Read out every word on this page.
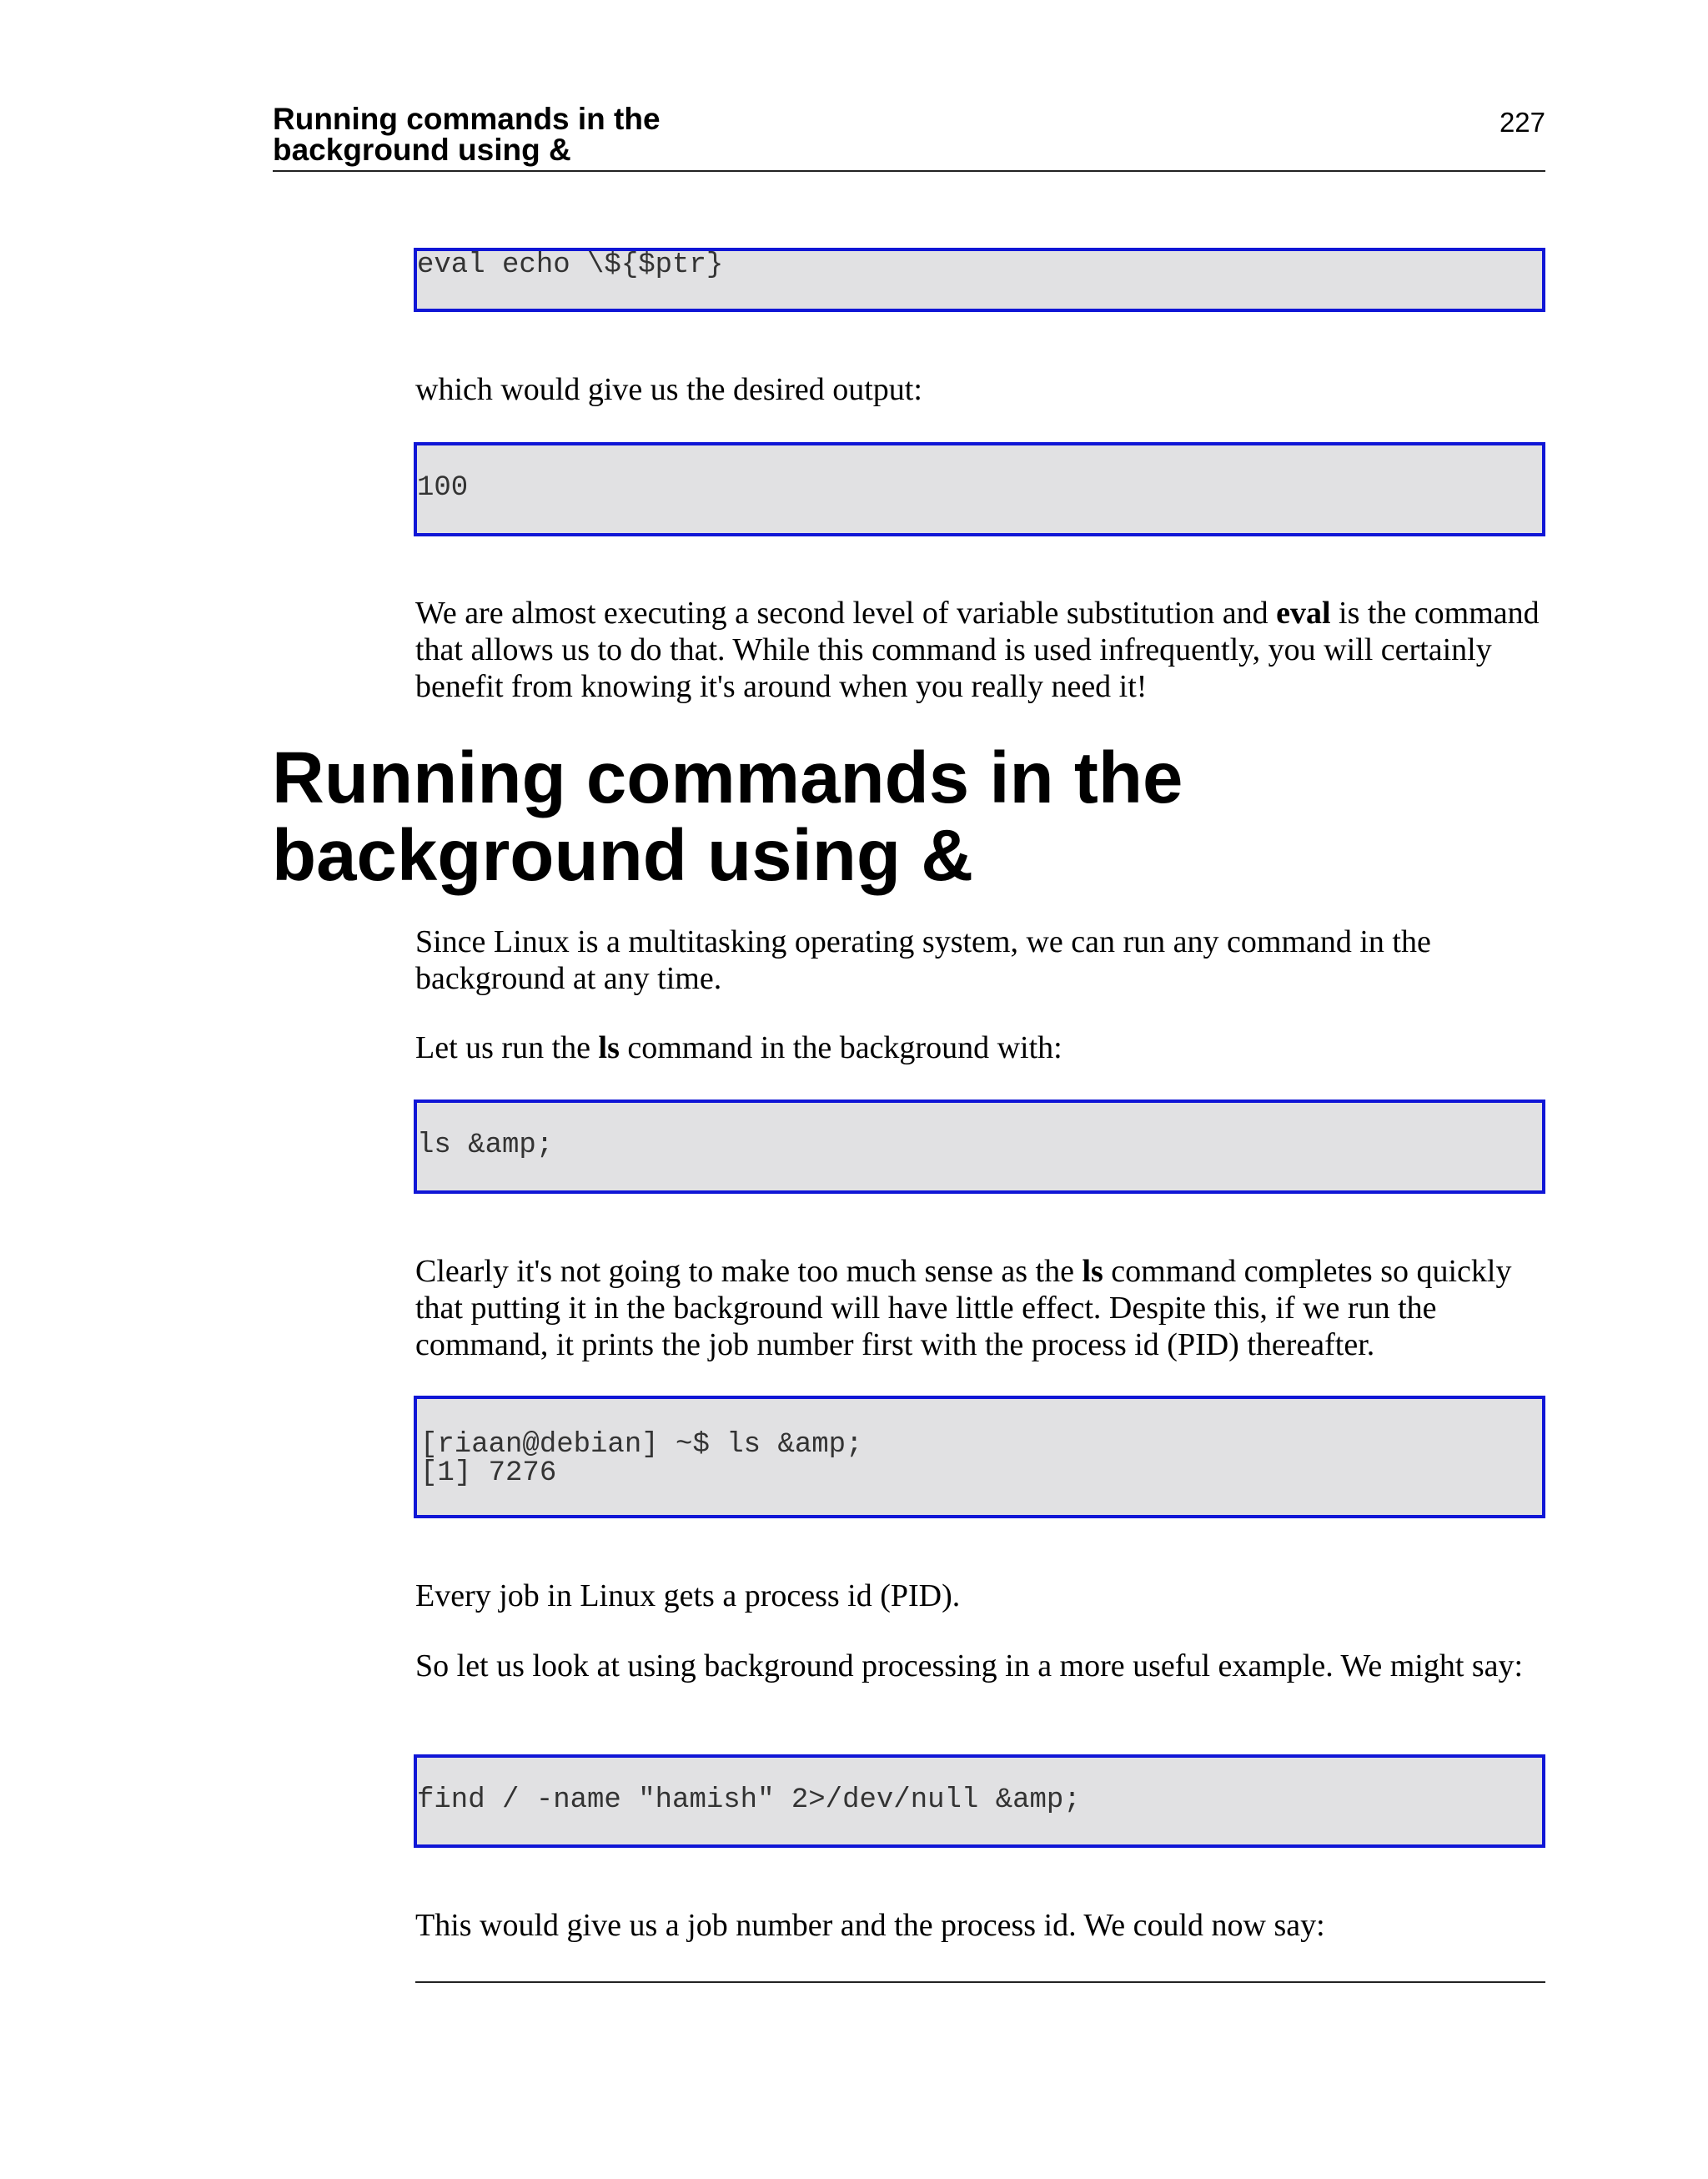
Running commands in the
background using &
227
eval echo \${$ptr}

which would give us the desired output:

100

We are almost executing a second level of variable substitution and eval is the command that allows us to do that. While this command is used infrequently, you will certainly benefit from knowing it's around when you really need it!

Running commands in the
background using &

Since Linux is a multitasking operating system, we can run any command in the background at any time.

Let us run the ls command in the background with:

ls &amp;

Clearly it's not going to make too much sense as the ls command completes so quickly that putting it in the background will have little effect. Despite this, if we run the command, it prints the job number first with the process id (PID) thereafter.

[riaan@debian] ~$ ls &amp;
[1] 7276

Every job in Linux gets a process id (PID).

So let us look at using background processing in a more useful example. We might say:

find / -name "hamish" 2>/dev/null &amp;

This would give us a job number and the process id. We could now say:
